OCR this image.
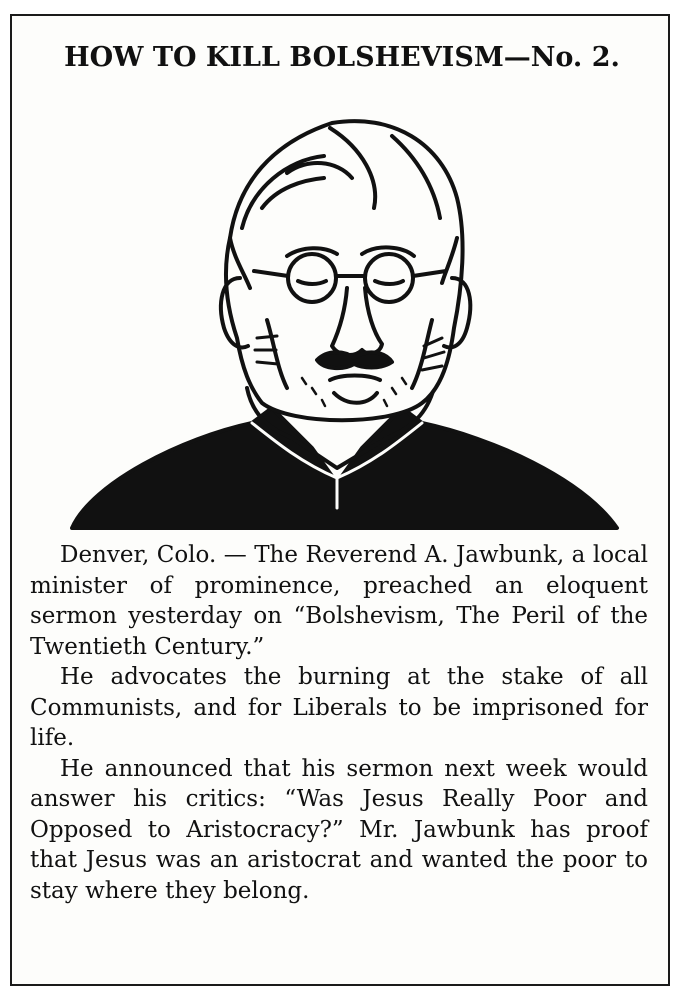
HOW TO KILL BOLSHEVISM—No. 2.

Denver, Colo. — The Reverend A. Jawbunk, a local minister of prominence, preached an eloquent sermon yesterday on “Bolshevism, The Peril of the Twentieth Century.”

He advocates the burning at the stake of all Communists, and for Liberals to be imprisoned for life.

He announced that his sermon next week would answer his critics: “Was Jesus Really Poor and Opposed to Aristocracy?” Mr. Jawbunk has proof that Jesus was an aristocrat and wanted the poor to stay where they belong.
